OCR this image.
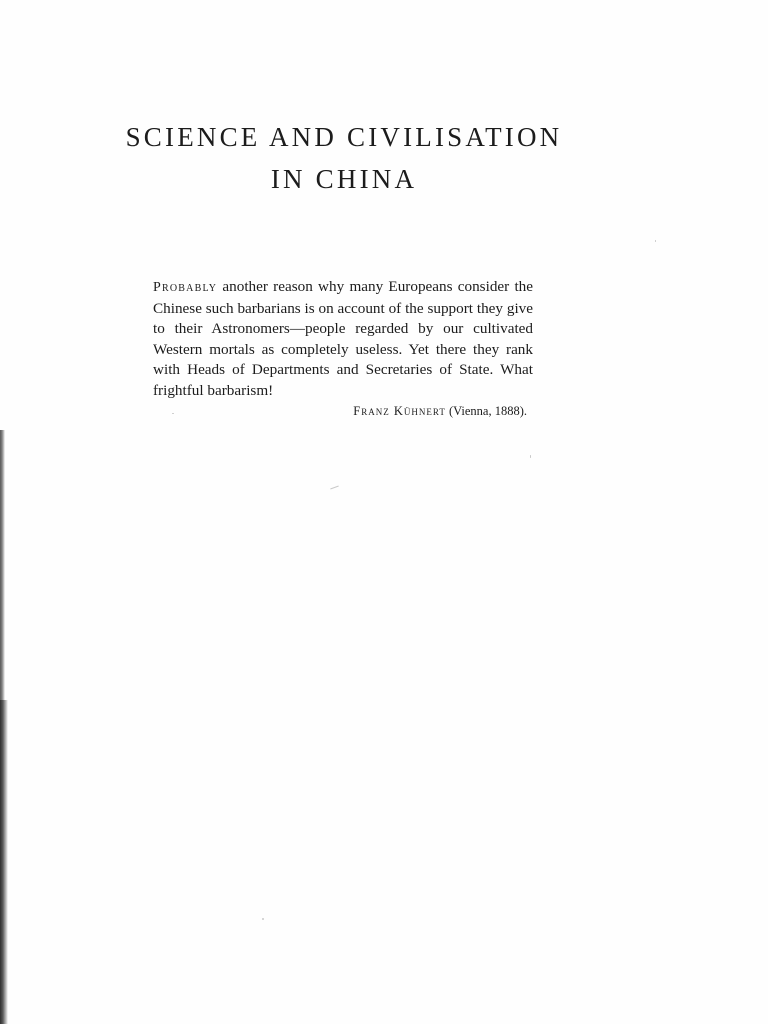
SCIENCE AND CIVILISATION
IN CHINA

Probably another reason why many Europeans consider the Chinese such barbarians is on account of the support they give to their Astronomers—people regarded by our cultivated Western mortals as completely useless. Yet there they rank with Heads of Departments and Secretaries of State. What frightful barbarism!

Franz Kühnert (Vienna, 1888).
